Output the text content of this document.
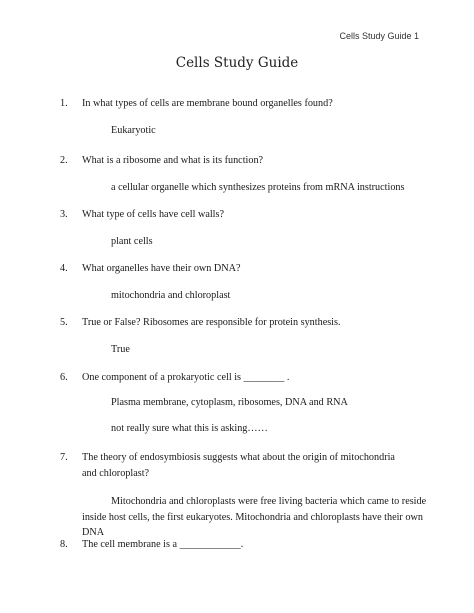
Cells Study Guide 1
Cells Study Guide
1. In what types of cells are membrane bound organelles found?
Eukaryotic
2. What is a ribosome and what is its function?
a cellular organelle which synthesizes proteins from mRNA instructions
3. What type of cells have cell walls?
plant cells
4. What organelles have their own DNA?
mitochondria and chloroplast
5. True or False? Ribosomes are responsible for protein synthesis.
True
6. One component of a prokaryotic cell is ________ .
Plasma membrane, cytoplasm, ribosomes, DNA and RNA
not really sure what this is asking……
7. The theory of endosymbiosis suggests what about the origin of mitochondria and chloroplast?
Mitochondria and chloroplasts were free living bacteria which came to reside inside host cells, the first eukaryotes. Mitochondria and chloroplasts have their own DNA
8. The cell membrane is a ____________.
